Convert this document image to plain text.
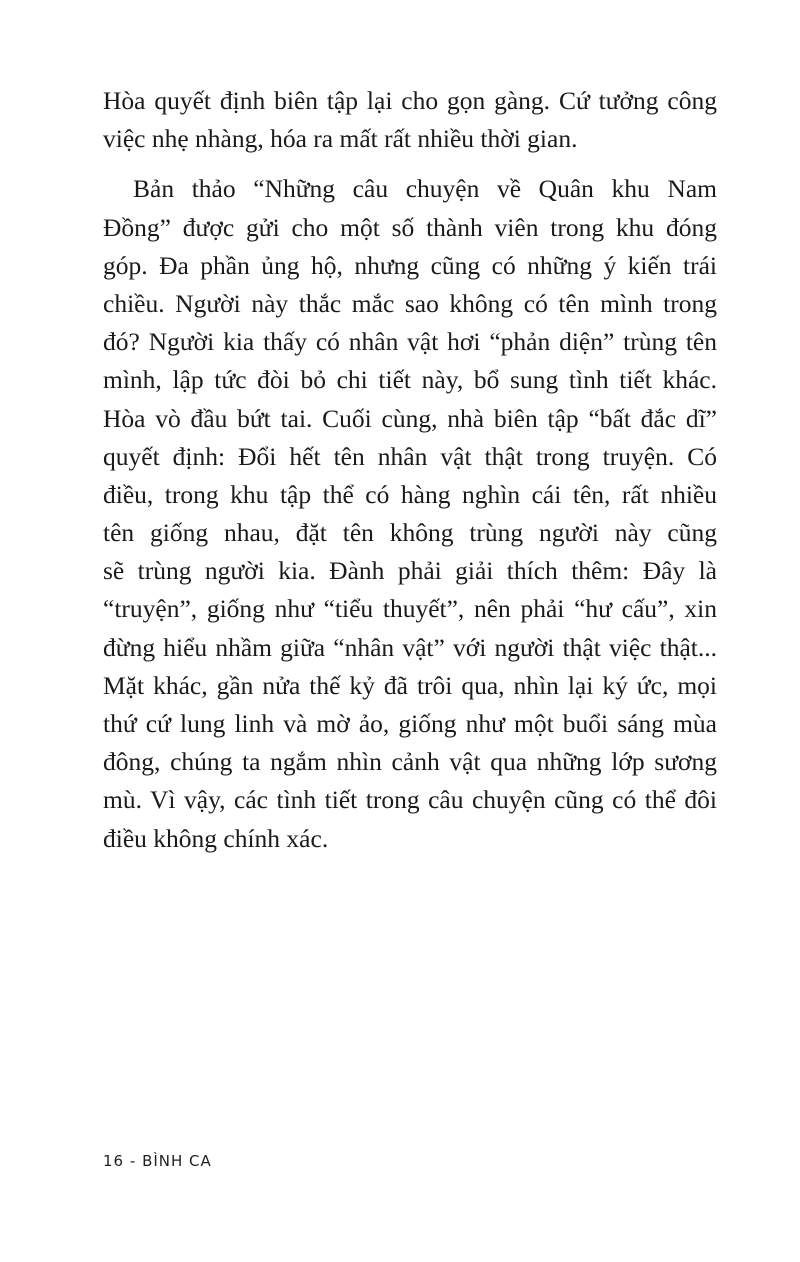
Hòa quyết định biên tập lại cho gọn gàng. Cứ tưởng công
việc nhẹ nhàng, hóa ra mất rất nhiều thời gian.
Bản thảo “Những câu chuyện về Quân khu Nam
Đồng” được gửi cho một số thành viên trong khu đóng
góp. Đa phần ủng hộ, nhưng cũng có những ý kiến trái
chiều. Người này thắc mắc sao không có tên mình trong
đó? Người kia thấy có nhân vật hơi “phản diện” trùng tên
mình, lập tức đòi bỏ chi tiết này, bổ sung tình tiết khác.
Hòa vò đầu bứt tai. Cuối cùng, nhà biên tập “bất đắc dĩ”
quyết định: Đổi hết tên nhân vật thật trong truyện. Có
điều, trong khu tập thể có hàng nghìn cái tên, rất nhiều
tên giống nhau, đặt tên không trùng người này cũng
sẽ trùng người kia. Đành phải giải thích thêm: Đây là
“truyện”, giống như “tiểu thuyết”, nên phải “hư cấu”, xin
đừng hiểu nhầm giữa “nhân vật” với người thật việc thật...
Mặt khác, gần nửa thế kỷ đã trôi qua, nhìn lại ký ức, mọi
thứ cứ lung linh và mờ ảo, giống như một buổi sáng mùa
đông, chúng ta ngắm nhìn cảnh vật qua những lớp sương
mù. Vì vậy, các tình tiết trong câu chuyện cũng có thể đôi
điều không chính xác.
16 - BÌNH CA
